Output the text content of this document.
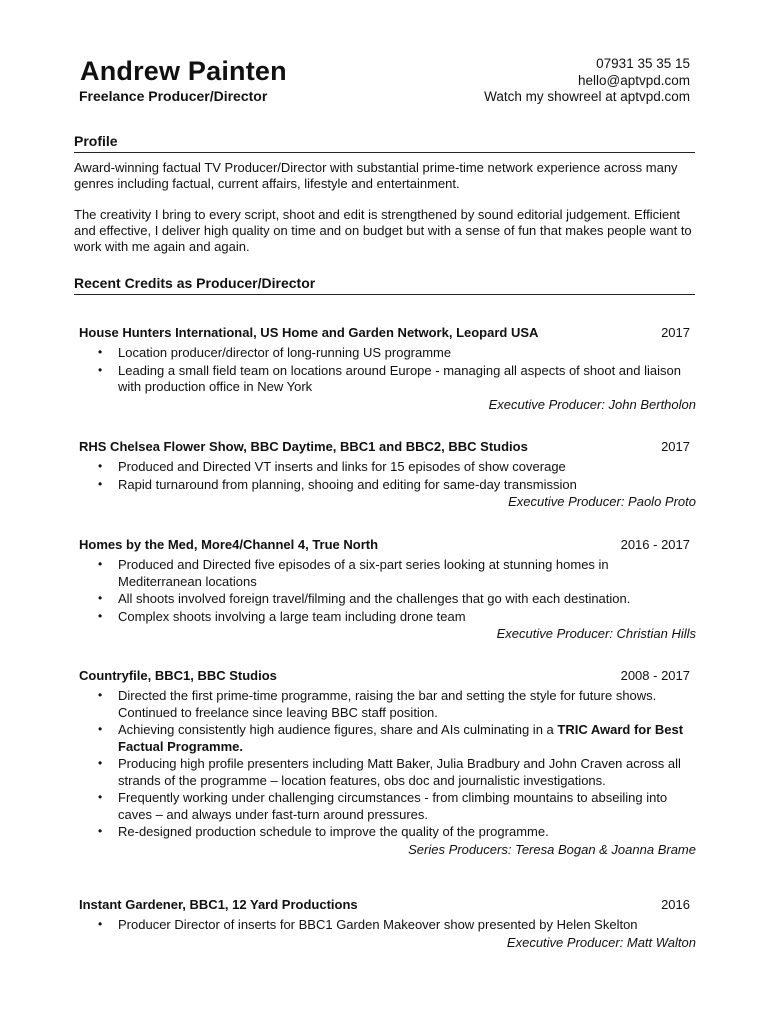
Andrew Painten
Freelance Producer/Director
07931 35 35 15
hello@aptvpd.com
Watch my showreel at aptvpd.com
Profile

Award-winning factual TV Producer/Director with substantial prime-time network experience across many genres including factual, current affairs, lifestyle and entertainment.

The creativity I bring to every script, shoot and edit is strengthened by sound editorial judgement. Efficient and effective, I deliver high quality on time and on budget but with a sense of fun that makes people want to work with me again and again.

Recent Credits as Producer/Director
House Hunters International, US Home and Garden Network, Leopard USA	2017
• Location producer/director of long-running US programme
• Leading a small field team on locations around Europe - managing all aspects of shoot and liaison with production office in New York
Executive Producer: John Bertholon
RHS Chelsea Flower Show, BBC Daytime, BBC1 and BBC2, BBC Studios	2017
• Produced and Directed VT inserts and links for 15 episodes of show coverage
• Rapid turnaround from planning, shooing and editing for same-day transmission
Executive Producer: Paolo Proto
Homes by the Med, More4/Channel 4, True North	2016 - 2017
• Produced and Directed five episodes of a six-part series looking at stunning homes in Mediterranean locations
• All shoots involved foreign travel/filming and the challenges that go with each destination.
• Complex shoots involving a large team including drone team
Executive Producer: Christian Hills
Countryfile, BBC1, BBC Studios	2008 - 2017
• Directed the first prime-time programme, raising the bar and setting the style for future shows. Continued to freelance since leaving BBC staff position.
• Achieving consistently high audience figures, share and AIs culminating in a TRIC Award for Best Factual Programme.
• Producing high profile presenters including Matt Baker, Julia Bradbury and John Craven across all strands of the programme – location features, obs doc and journalistic investigations.
• Frequently working under challenging circumstances - from climbing mountains to abseiling into caves – and always under fast-turn around pressures.
• Re-designed production schedule to improve the quality of the programme.
Series Producers: Teresa Bogan & Joanna Brame
Instant Gardener, BBC1, 12 Yard Productions	2016
• Producer Director of inserts for BBC1 Garden Makeover show presented by Helen Skelton
Executive Producer: Matt Walton
